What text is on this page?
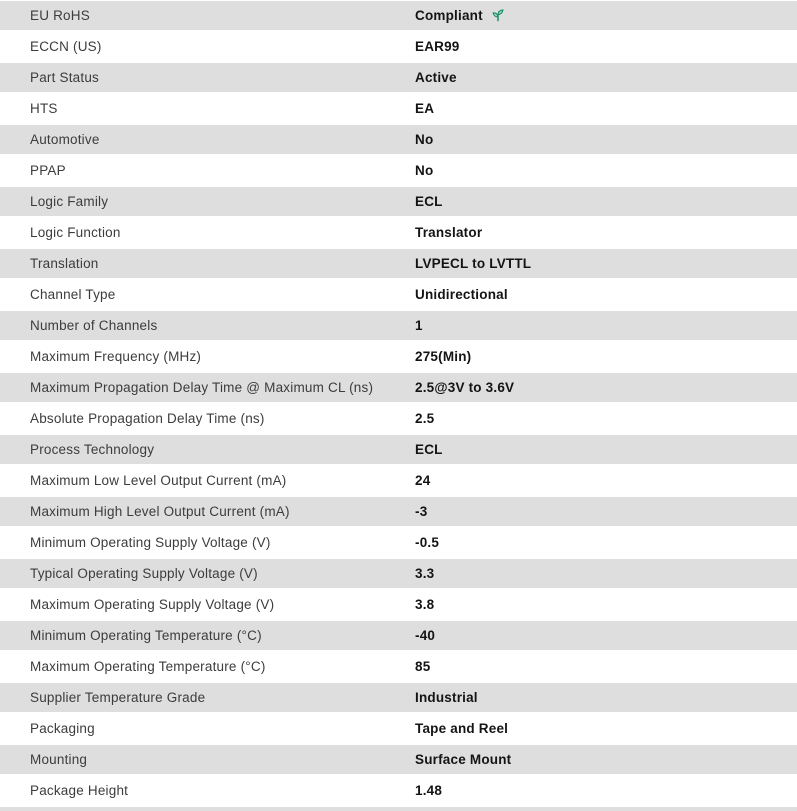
EU RoHS	Compliant
ECCN (US)	EAR99
Part Status	Active
HTS	EA
Automotive	No
PPAP	No
Logic Family	ECL
Logic Function	Translator
Translation	LVPECL to LVTTL
Channel Type	Unidirectional
Number of Channels	1
Maximum Frequency (MHz)	275(Min)
Maximum Propagation Delay Time @ Maximum CL (ns)	2.5@3V to 3.6V
Absolute Propagation Delay Time (ns)	2.5
Process Technology	ECL
Maximum Low Level Output Current (mA)	24
Maximum High Level Output Current (mA)	-3
Minimum Operating Supply Voltage (V)	-0.5
Typical Operating Supply Voltage (V)	3.3
Maximum Operating Supply Voltage (V)	3.8
Minimum Operating Temperature (°C)	-40
Maximum Operating Temperature (°C)	85
Supplier Temperature Grade	Industrial
Packaging	Tape and Reel
Mounting	Surface Mount
Package Height	1.48
